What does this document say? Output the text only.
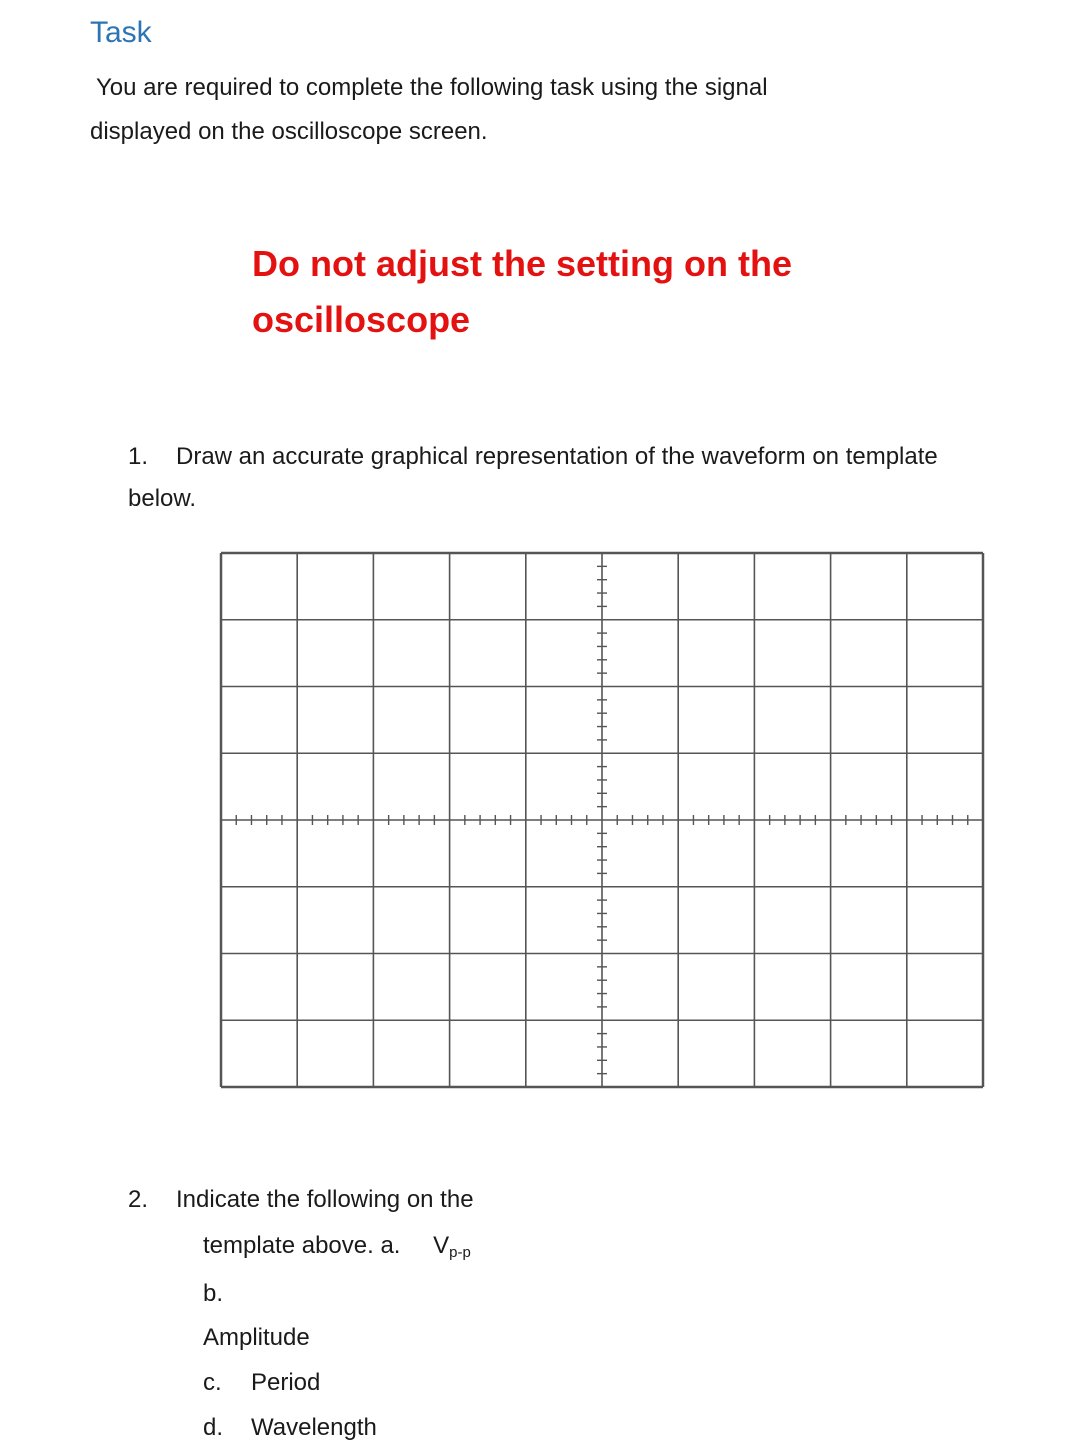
Task
You are required to complete the following task using the signal
displayed on the oscilloscope screen.
Do not adjust the setting on the oscilloscope
1. Draw an accurate graphical representation of the waveform on template below.
2. Indicate the following on the
template above. a. $V_{p-p}$
b.
Amplitude
c. Period
d. Wavelength
